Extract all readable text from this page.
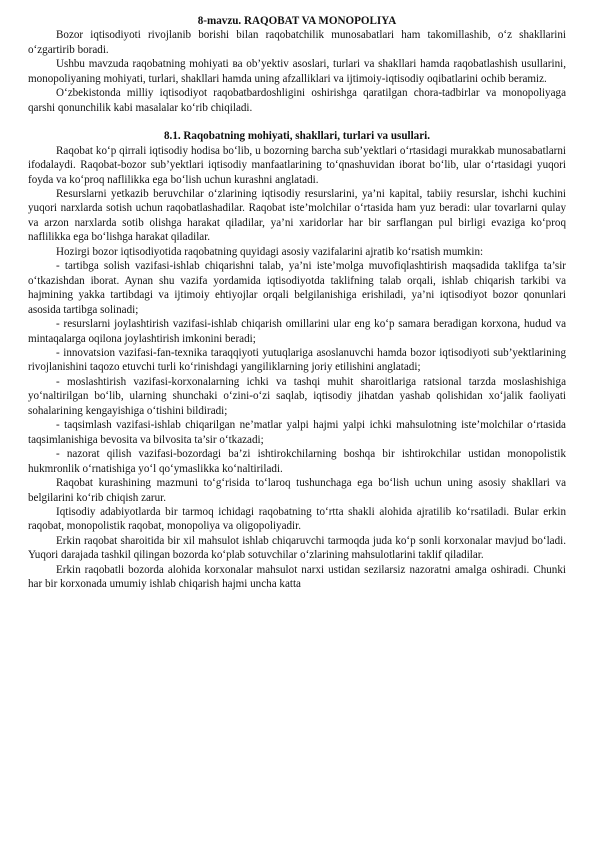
8-mavzu. RAQOBAT VA MONOPOLIYA

Bozor iqtisodiyoti rivojlanib borishi bilan raqobatchilik munosabatlari ham takomillashib, o‘z shakllarini o‘zgartirib boradi.

Ushbu mavzuda raqobatning mohiyati ва ob’yektiv asoslari, turlari va shakllari hamda raqobatlashish usullarini, monopoliyaning mohiyati, turlari, shakllari hamda uning afzalliklari va ijtimoiy-iqtisodiy oqibatlarini ochib beramiz.

O‘zbekistonda milliy iqtisodiyot raqobatbardoshligini oshirishga qaratilgan chora-tadbirlar va monopoliyaga qarshi qonunchilik kabi masalalar ko‘rib chiqiladi.

8.1. Raqobatning mohiyati, shakllari, turlari va usullari.

Raqobat ko‘p qirrali iqtisodiy hodisa bo‘lib, u bozorning barcha sub’yektlari o‘rtasidagi murakkab munosabatlarni ifodalaydi. Raqobat-bozor sub’yektlari iqtisodiy manfaatlarining to‘qnashuvidan iborat bo‘lib, ular o‘rtasidagi yuqori foyda va ko‘proq naflilikka ega bo‘lish uchun kurashni anglatadi.

Resurslarni yetkazib beruvchilar o‘zlarining iqtisodiy resurslarini, ya’ni kapital, tabiiy resurslar, ishchi kuchini yuqori narxlarda sotish uchun raqobatlashadilar. Raqobat iste’molchilar o‘rtasida ham yuz beradi: ular tovarlarni qulay va arzon narxlarda sotib olishga harakat qiladilar, ya’ni xaridorlar har bir sarflangan pul birligi evaziga ko‘proq naflilikka ega bo‘lishga harakat qiladilar.

Hozirgi bozor iqtisodiyotida raqobatning quyidagi asosiy vazifalarini ajratib ko‘rsatish mumkin:

- tartibga solish vazifasi-ishlab chiqarishni talab, ya’ni iste’molga muvofiqlashtirish maqsadida taklifga ta’sir o‘tkazishdan iborat. Aynan shu vazifa yordamida iqtisodiyotda taklifning talab orqali, ishlab chiqarish tarkibi va hajmining yakka tartibdagi va ijtimoiy ehtiyojlar orqali belgilanishiga erishiladi, ya’ni iqtisodiyot bozor qonunlari asosida tartibga solinadi;

- resurslarni joylashtirish vazifasi-ishlab chiqarish omillarini ular eng ko‘p samara beradigan korxona, hudud va mintaqalarga oqilona joylashtirish imkonini beradi;

- innovatsion vazifasi-fan-texnika taraqqiyoti yutuqlariga asoslanuvchi hamda bozor iqtisodiyoti sub’yektlarining rivojlanishini taqozo etuvchi turli ko‘rinishdagi yangiliklarning joriy etilishini anglatadi;

- moslashtirish vazifasi-korxonalarning ichki va tashqi muhit sharoitlariga ratsional tarzda moslashishiga yo‘naltirilgan bo‘lib, ularning shunchaki o‘zini-o‘zi saqlab, iqtisodiy jihatdan yashab qolishidan xo‘jalik faoliyati sohalarining kengayishiga o‘tishini bildiradi;

- taqsimlash vazifasi-ishlab chiqarilgan ne’matlar yalpi hajmi yalpi ichki mahsulotning iste’molchilar o‘rtasida taqsimlanishiga bevosita va bilvosita ta’sir o‘tkazadi;

- nazorat qilish vazifasi-bozordagi ba’zi ishtirokchilarning boshqa bir ishtirokchilar ustidan monopolistik hukmronlik o‘rnatishiga yo‘l qo‘ymaslikka ko‘naltiriladi.

Raqobat kurashining mazmuni to‘g‘risida to‘laroq tushunchaga ega bo‘lish uchun uning asosiy shakllari va belgilarini ko‘rib chiqish zarur.

Iqtisodiy adabiyotlarda bir tarmoq ichidagi raqobatning to‘rtta shakli alohida ajratilib ko‘rsatiladi. Bular erkin raqobat, monopolistik raqobat, monopoliya va oligopoliyadir.

Erkin raqobat sharoitida bir xil mahsulot ishlab chiqaruvchi tarmoqda juda ko‘p sonli korxonalar mavjud bo‘ladi. Yuqori darajada tashkil qilingan bozorda ko‘plab sotuvchilar o‘zlarining mahsulotlarini taklif qiladilar.

Erkin raqobatli bozorda alohida korxonalar mahsulot narxi ustidan sezilarsiz nazoratni amalga oshiradi. Chunki har bir korxonada umumiy ishlab chiqarish hajmi uncha katta
